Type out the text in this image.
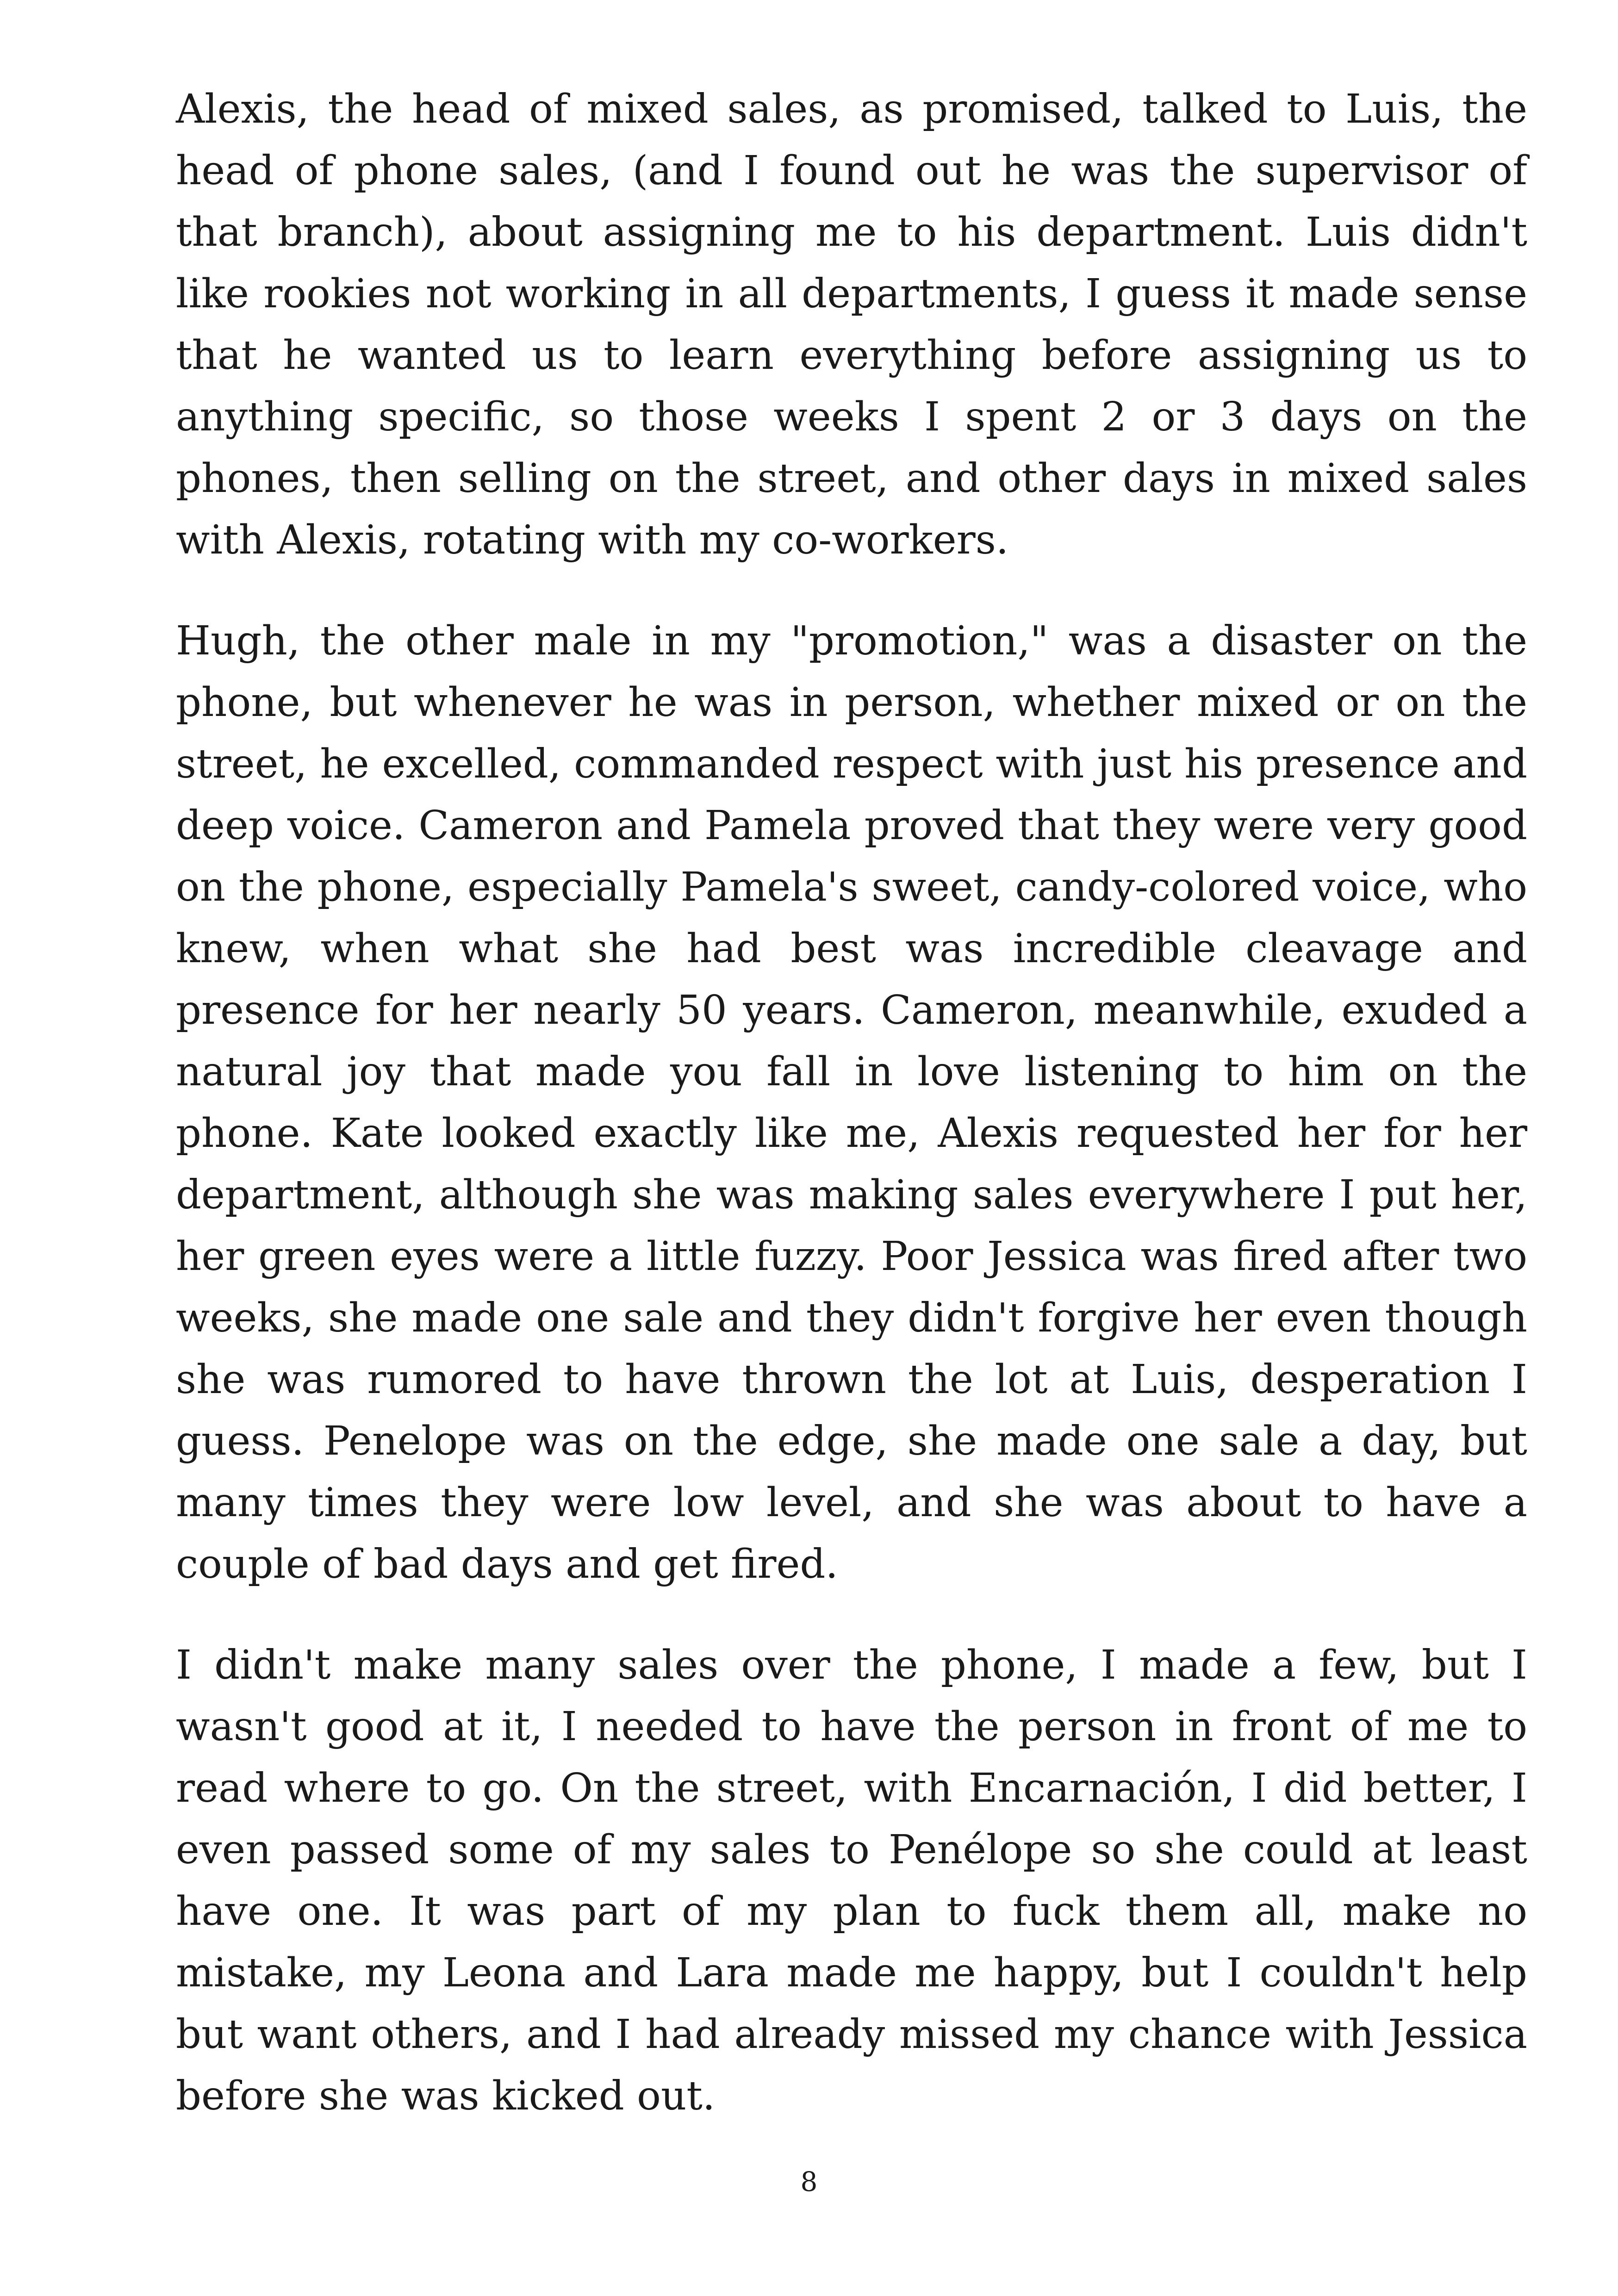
Alexis, the head of mixed sales, as promised, talked to Luis, the head of phone sales, (and I found out he was the supervisor of that branch), about assigning me to his department. Luis didn't like rookies not working in all departments, I guess it made sense that he wanted us to learn everything before assigning us to anything specific, so those weeks I spent 2 or 3 days on the phones, then selling on the street, and other days in mixed sales with Alexis, rotating with my co-workers.

Hugh, the other male in my "promotion," was a disaster on the phone, but whenever he was in person, whether mixed or on the street, he excelled, commanded respect with just his presence and deep voice. Cameron and Pamela proved that they were very good on the phone, especially Pamela's sweet, candy-colored voice, who knew, when what she had best was incredible cleavage and presence for her nearly 50 years. Cameron, meanwhile, exuded a natural joy that made you fall in love listening to him on the phone. Kate looked exactly like me, Alexis requested her for her department, although she was making sales everywhere I put her, her green eyes were a little fuzzy. Poor Jessica was fired after two weeks, she made one sale and they didn't forgive her even though she was rumored to have thrown the lot at Luis, desperation I guess. Penelope was on the edge, she made one sale a day, but many times they were low level, and she was about to have a couple of bad days and get fired.

I didn't make many sales over the phone, I made a few, but I wasn't good at it, I needed to have the person in front of me to read where to go. On the street, with Encarnación, I did better, I even passed some of my sales to Penélope so she could at least have one. It was part of my plan to fuck them all, make no mistake, my Leona and Lara made me happy, but I couldn't help but want others, and I had already missed my chance with Jessica before she was kicked out.

8
